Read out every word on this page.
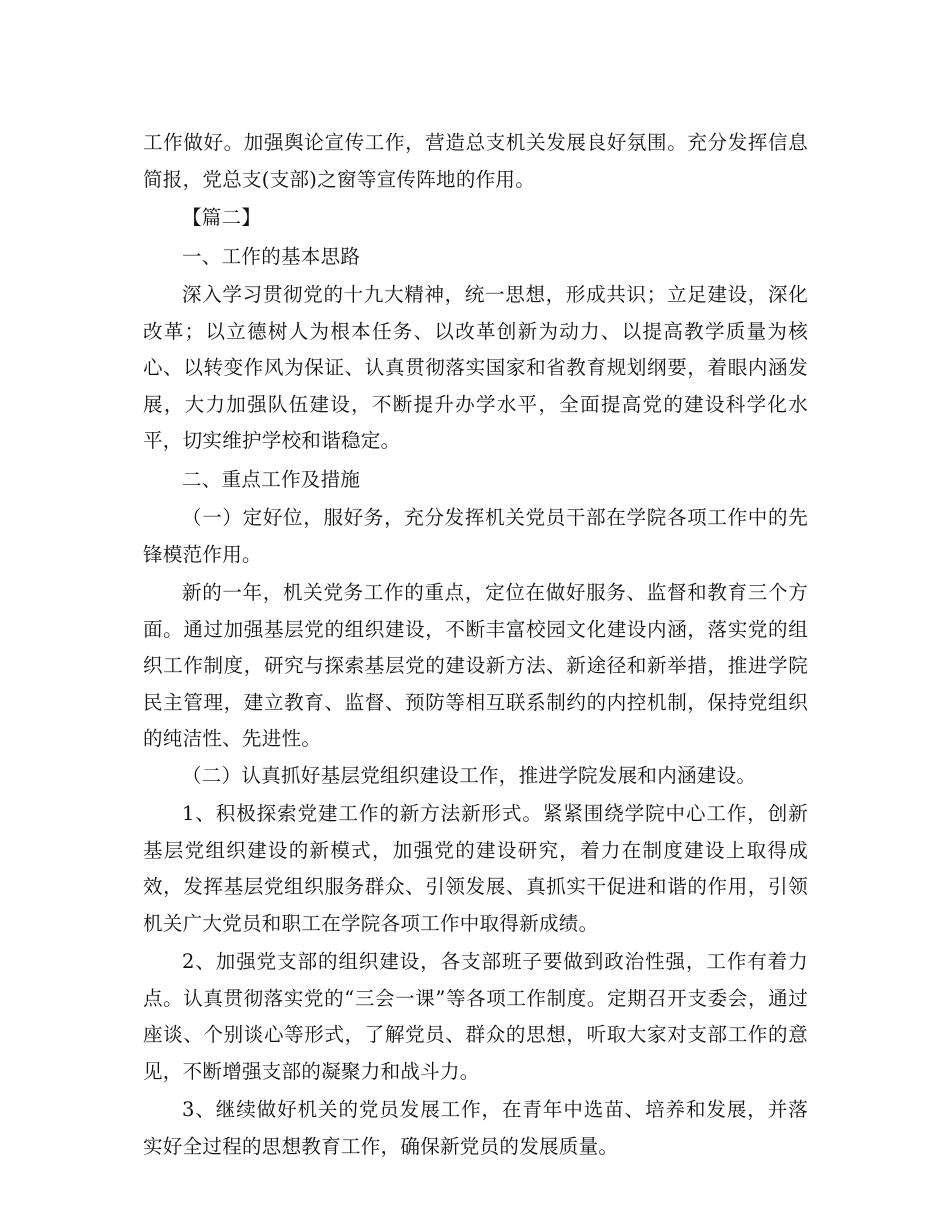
工作做好。加强舆论宣传工作，营造总支机关发展良好氛围。充分发挥信息简报，党总支(支部)之窗等宣传阵地的作用。

【篇二】

一、工作的基本思路

深入学习贯彻党的十九大精神，统一思想，形成共识；立足建设，深化改革；以立德树人为根本任务、以改革创新为动力、以提高教学质量为核心、以转变作风为保证、认真贯彻落实国家和省教育规划纲要，着眼内涵发展，大力加强队伍建设，不断提升办学水平，全面提高党的建设科学化水平，切实维护学校和谐稳定。

二、重点工作及措施

（一）定好位，服好务，充分发挥机关党员干部在学院各项工作中的先锋模范作用。

新的一年，机关党务工作的重点，定位在做好服务、监督和教育三个方面。通过加强基层党的组织建设，不断丰富校园文化建设内涵，落实党的组织工作制度，研究与探索基层党的建设新方法、新途径和新举措，推进学院民主管理，建立教育、监督、预防等相互联系制约的内控机制，保持党组织的纯洁性、先进性。

（二）认真抓好基层党组织建设工作，推进学院发展和内涵建设。

1、积极探索党建工作的新方法新形式。紧紧围绕学院中心工作，创新基层党组织建设的新模式，加强党的建设研究，着力在制度建设上取得成效，发挥基层党组织服务群众、引领发展、真抓实干促进和谐的作用，引领机关广大党员和职工在学院各项工作中取得新成绩。

2、加强党支部的组织建设，各支部班子要做到政治性强，工作有着力点。认真贯彻落实党的“三会一课”等各项工作制度。定期召开支委会，通过座谈、个别谈心等形式，了解党员、群众的思想，听取大家对支部工作的意见，不断增强支部的凝聚力和战斗力。

3、继续做好机关的党员发展工作，在青年中选苗、培养和发展，并落实好全过程的思想教育工作，确保新党员的发展质量。
